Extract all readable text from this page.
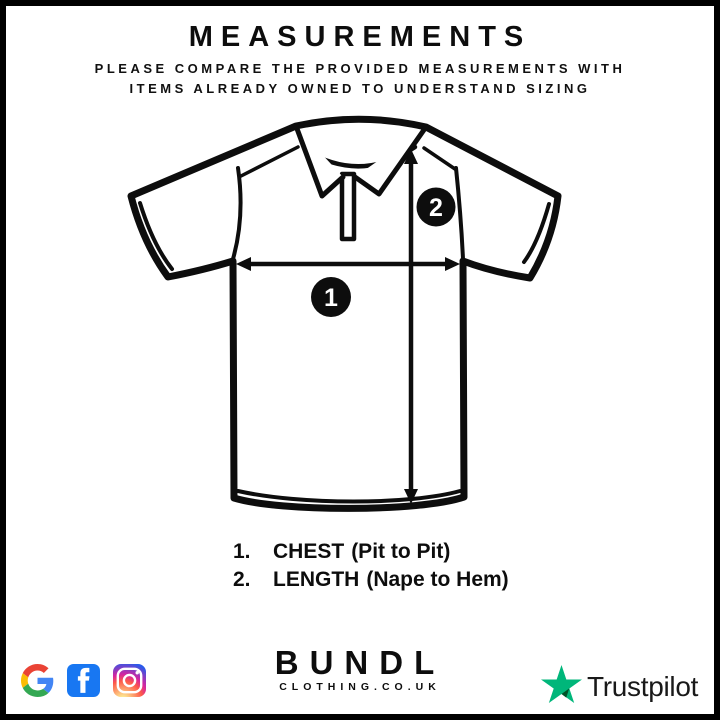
MEASUREMENTS
PLEASE COMPARE THE PROVIDED MEASUREMENTS WITH
ITEMS ALREADY OWNED TO UNDERSTAND SIZING
1
2
1.	CHEST (Pit to Pit)
2.	LENGTH (Nape to Hem)
BUNDL
CLOTHING.CO.UK	Trustpilot
